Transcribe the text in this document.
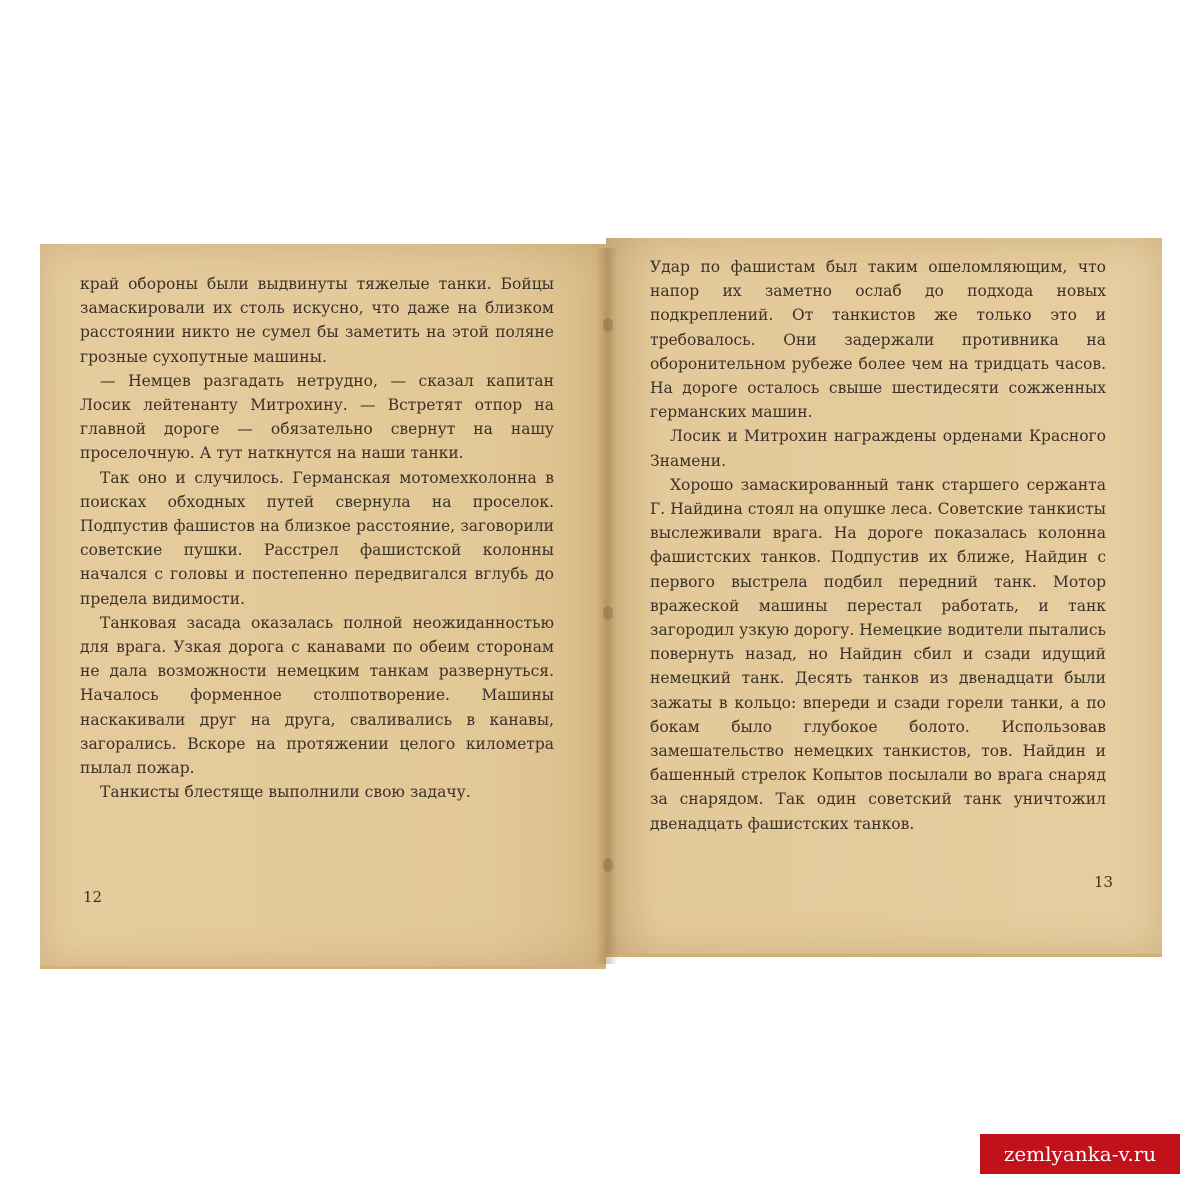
край обороны были выдвинуты тяжелые танки. Бойцы замаскировали их столь искусно, что даже на близком расстоянии никто не сумел бы заметить на этой поляне грозные сухопутные машины.

— Немцев разгадать нетрудно, — сказал капитан Лосик лейтенанту Митрохину. — Встретят отпор на главной дороге — обязательно свернут на нашу проселочную. А тут наткнутся на наши танки.

Так оно и случилось. Германская мотомехколонна в поисках обходных путей свернула на проселок. Подпустив фашистов на близкое расстояние, заговорили советские пушки. Расстрел фашистской колонны начался с головы и постепенно передвигался вглубь до предела видимости.

Танковая засада оказалась полной неожиданностью для врага. Узкая дорога с канавами по обеим сторонам не дала возможности немецким танкам развернуться. Началось форменное столпотворение. Машины наскакивали друг на друга, сваливались в канавы, загорались. Вскоре на протяжении целого километра пылал пожар.

Танкисты блестяще выполнили свою задачу.

12

Удар по фашистам был таким ошеломляющим, что напор их заметно ослаб до подхода новых подкреплений. От танкистов же только это и требовалось. Они задержали противника на оборонительном рубеже более чем на тридцать часов. На дороге осталось свыше шестидесяти сожженных германских машин.

Лосик и Митрохин награждены орденами Красного Знамени.

Хорошо замаскированный танк старшего сержанта Г. Найдина стоял на опушке леса. Советские танкисты выслеживали врага. На дороге показалась колонна фашистских танков. Подпустив их ближе, Найдин с первого выстрела подбил передний танк. Мотор вражеской машины перестал работать, и танк загородил узкую дорогу. Немецкие водители пытались повернуть назад, но Найдин сбил и сзади идущий немецкий танк. Десять танков из двенадцати были зажаты в кольцо: впереди и сзади горели танки, а по бокам было глубокое болото. Использовав замешательство немецких танкистов, тов. Найдин и башенный стрелок Копытов посылали во врага снаряд за снарядом. Так один советский танк уничтожил двенадцать фашистских танков.

13
zemlyanka-v.ru
